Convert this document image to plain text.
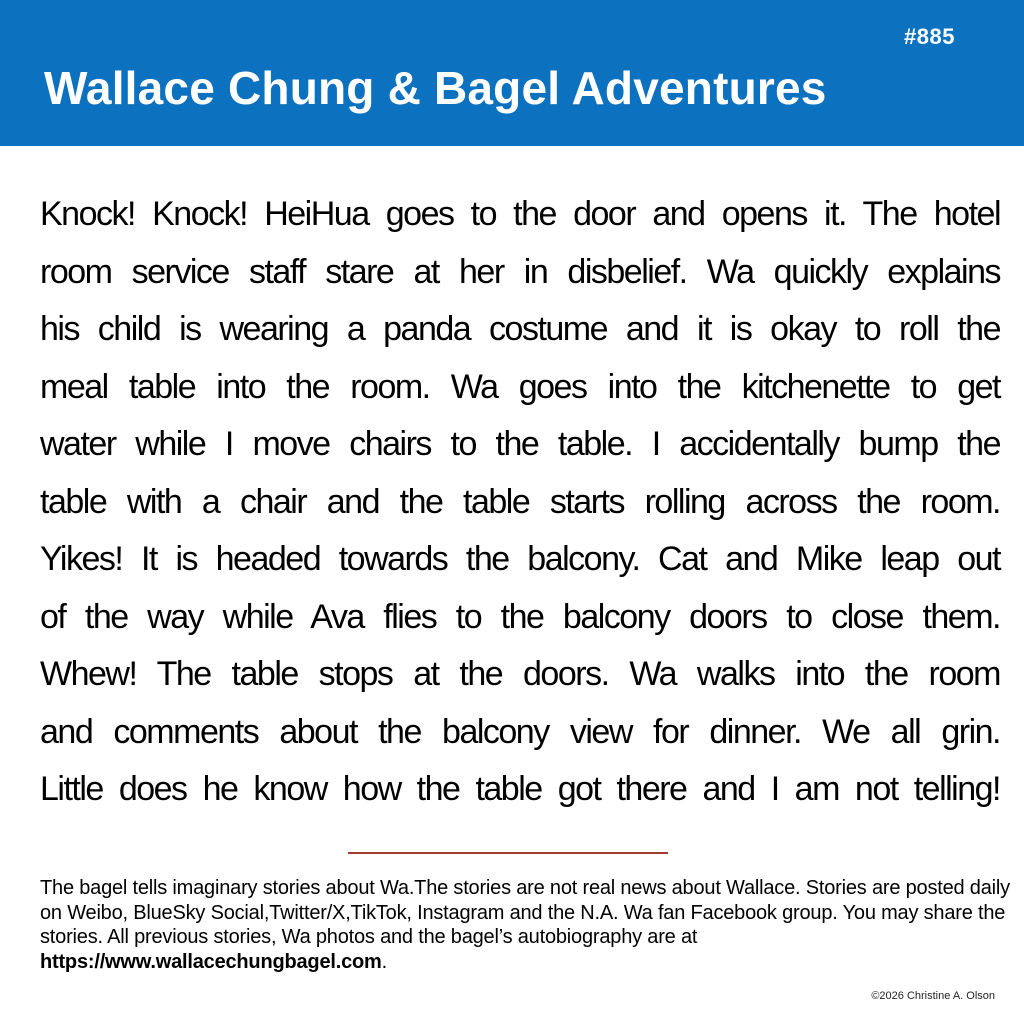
#885
Wallace Chung & Bagel Adventures

Knock! Knock! HeiHua goes to the door and opens it. The hotel
room service staff stare at her in disbelief. Wa quickly explains
his child is wearing a panda costume and it is okay to roll the
meal table into the room. Wa goes into the kitchenette to get
water while I move chairs to the table. I accidentally bump the
table with a chair and the table starts rolling across the room.
Yikes! It is headed towards the balcony. Cat and Mike leap out
of the way while Ava flies to the balcony doors to close them.
Whew! The table stops at the doors. Wa walks into the room
and comments about the balcony view for dinner. We all grin.
Little does he know how the table got there and I am not telling!

The bagel tells imaginary stories about Wa.The stories are not real news about Wallace. Stories are posted daily on Weibo, BlueSky Social,Twitter/X,TikTok, Instagram and the N.A. Wa fan Facebook group. You may share the stories. All previous stories, Wa photos and the bagel’s autobiography are at https://www.wallacechungbagel.com.

©2026 Christine A. Olson
